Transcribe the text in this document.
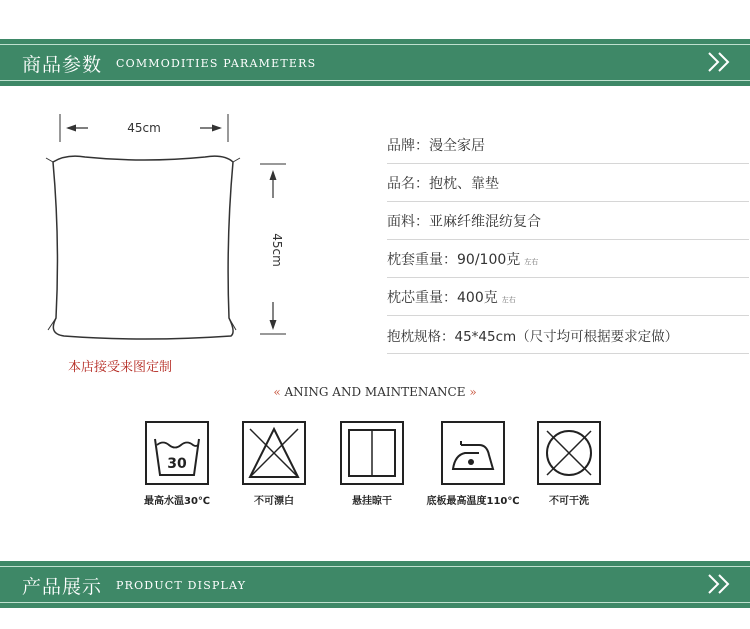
商品参数 COMMODITIES PARAMETERS
45cm
45cm
本店接受来图定制
品牌：漫全家居
品名：抱枕、靠垫
面料：亚麻纤维混纺复合
枕套重量：90/100克 左右
枕芯重量：400克 左右
抱枕规格：45*45cm（尺寸均可根据要求定做）
« ANING AND MAINTENANCE »
30
最高水温30℃	不可漂白	悬挂晾干	底板最高温度110℃	不可干洗
产品展示 PRODUCT DISPLAY
